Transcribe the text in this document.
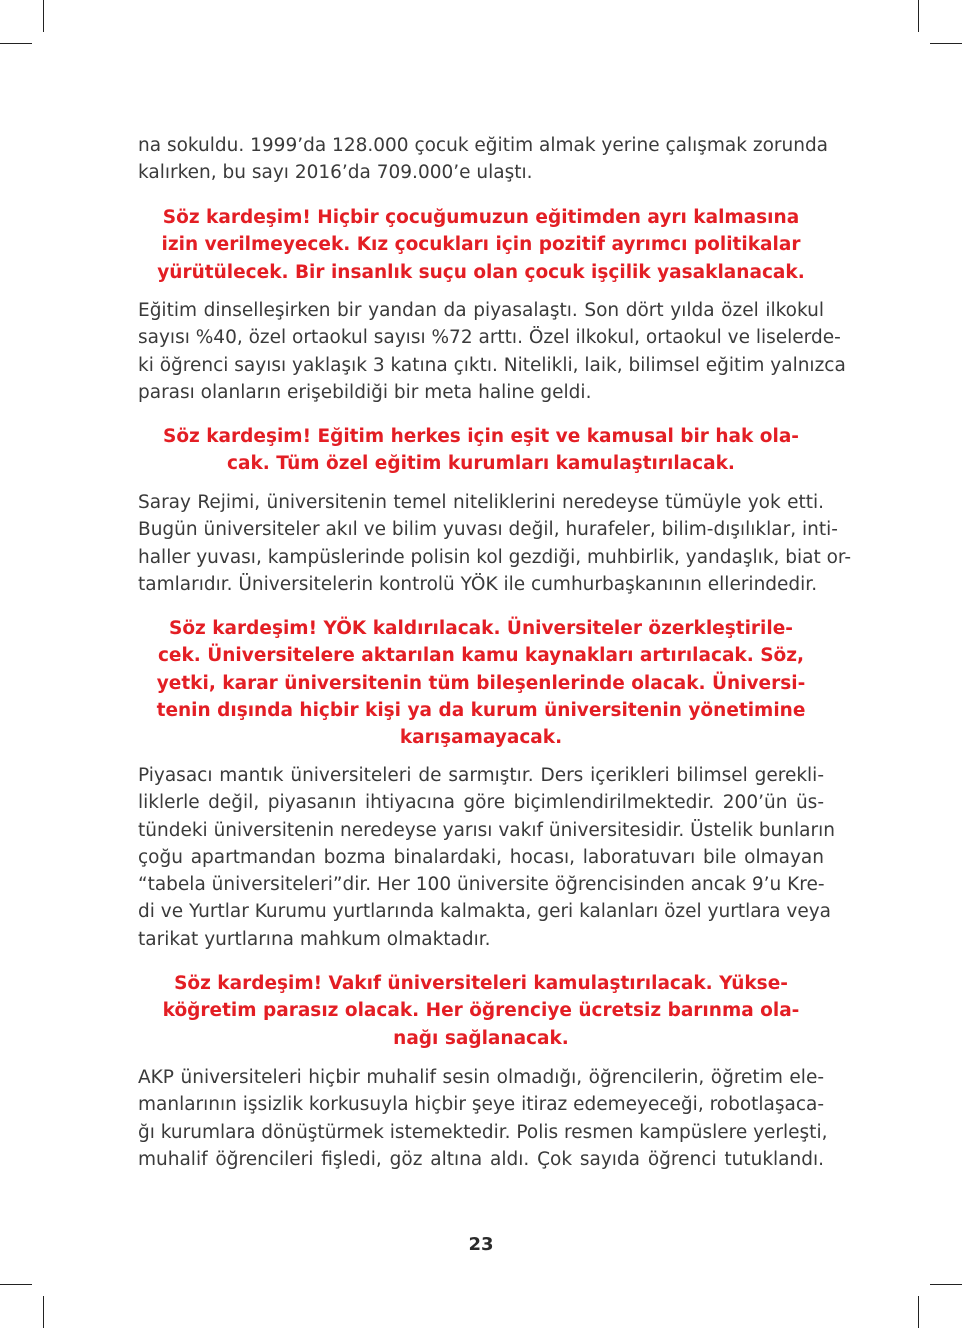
na sokuldu. 1999’da 128.000 çocuk eğitim almak yerine çalışmak zorunda
kalırken, bu sayı 2016’da 709.000’e ulaştı.

Söz kardeşim! Hiçbir çocuğumuzun eğitimden ayrı kalmasına
izin verilmeyecek. Kız çocukları için pozitif ayrımcı politikalar
yürütülecek. Bir insanlık suçu olan çocuk işçilik yasaklanacak.

Eğitim dinselleşirken bir yandan da piyasalaştı. Son dört yılda özel ilkokul
sayısı %40, özel ortaokul sayısı %72 arttı. Özel ilkokul, ortaokul ve liselerde-
ki öğrenci sayısı yaklaşık 3 katına çıktı. Nitelikli, laik, bilimsel eğitim yalnızca
parası olanların erişebildiği bir meta haline geldi.

Söz kardeşim! Eğitim herkes için eşit ve kamusal bir hak ola-
cak. Tüm özel eğitim kurumları kamulaştırılacak.

Saray Rejimi, üniversitenin temel niteliklerini neredeyse tümüyle yok etti.
Bugün üniversiteler akıl ve bilim yuvası değil, hurafeler, bilim-dışılıklar, inti-
haller yuvası, kampüslerinde polisin kol gezdiği, muhbirlik, yandaşlık, biat or-
tamlarıdır. Üniversitelerin kontrolü YÖK ile cumhurbaşkanının ellerindedir.

Söz kardeşim! YÖK kaldırılacak. Üniversiteler özerkleştirile-
cek. Üniversitelere aktarılan kamu kaynakları artırılacak. Söz,
yetki, karar üniversitenin tüm bileşenlerinde olacak. Üniversi-
tenin dışında hiçbir kişi ya da kurum üniversitenin yönetimine
karışamayacak.

Piyasacı mantık üniversiteleri de sarmıştır. Ders içerikleri bilimsel gerekli-
liklerle değil, piyasanın ihtiyacına göre biçimlendirilmektedir. 200’ün üs-
tündeki üniversitenin neredeyse yarısı vakıf üniversitesidir. Üstelik bunların
çoğu apartmandan bozma binalardaki, hocası, laboratuvarı bile olmayan
“tabela üniversiteleri”dir. Her 100 üniversite öğrencisinden ancak 9’u Kre-
di ve Yurtlar Kurumu yurtlarında kalmakta, geri kalanları özel yurtlara veya
tarikat yurtlarına mahkum olmaktadır.

Söz kardeşim! Vakıf üniversiteleri kamulaştırılacak. Yükse-
köğretim parasız olacak. Her öğrenciye ücretsiz barınma ola-
nağı sağlanacak.

AKP üniversiteleri hiçbir muhalif sesin olmadığı, öğrencilerin, öğretim ele-
manlarının işsizlik korkusuyla hiçbir şeye itiraz edemeyeceği, robotlaşaca-
ğı kurumlara dönüştürmek istemektedir. Polis resmen kampüslere yerleşti,
muhalif öğrencileri fişledi, göz altına aldı. Çok sayıda öğrenci tutuklandı.

23
